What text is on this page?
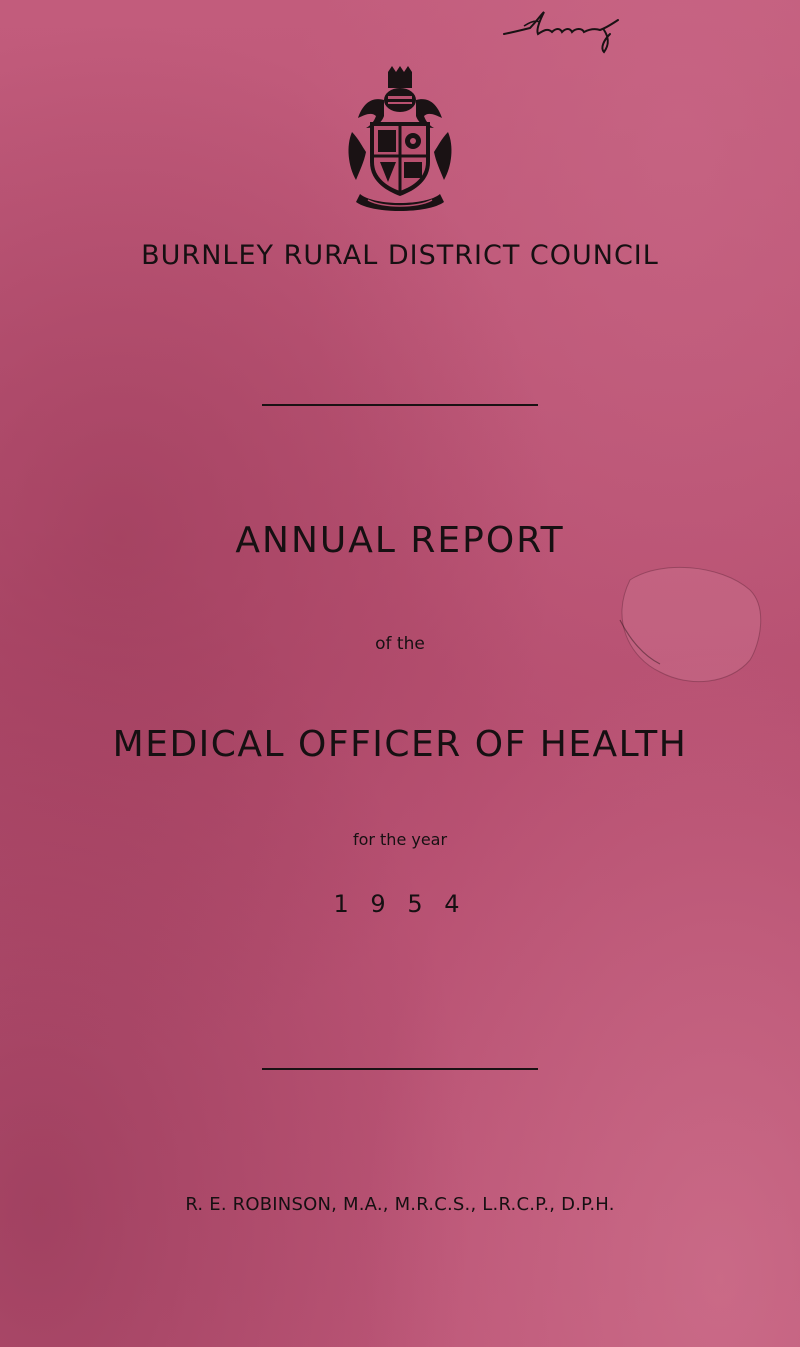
BURNLEY RURAL DISTRICT COUNCIL
ANNUAL REPORT
of the
MEDICAL OFFICER OF HEALTH
for the year
1 9 5 4
R. E. ROBINSON, M.A., M.R.C.S., L.R.C.P., D.P.H.
